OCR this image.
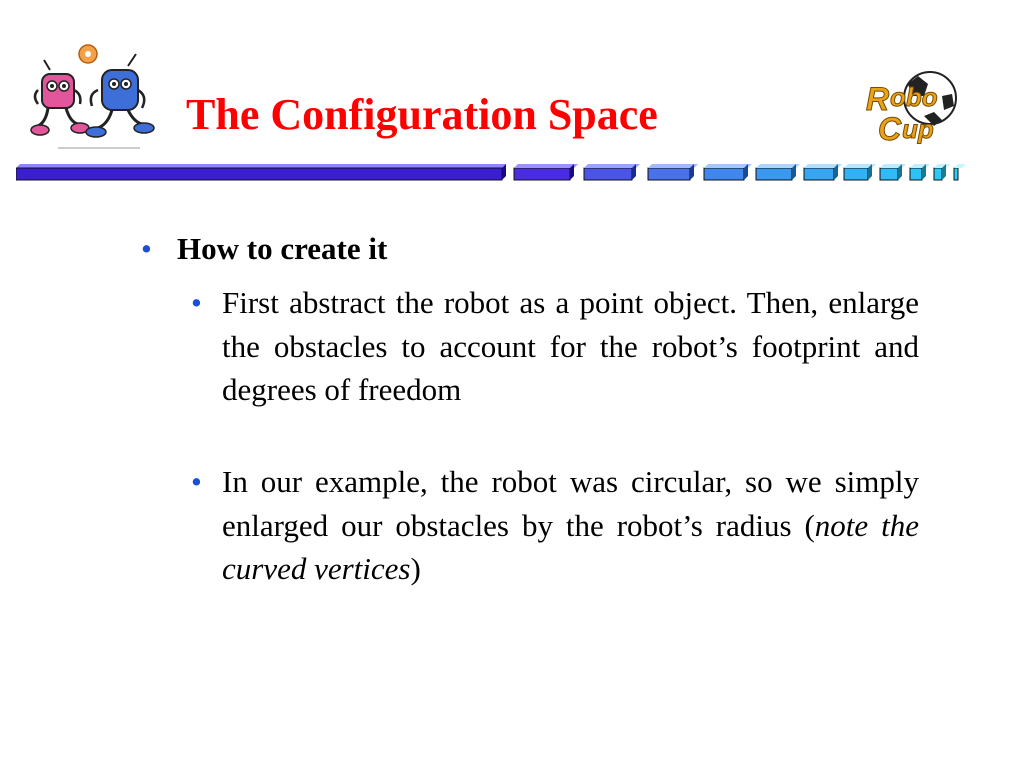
The Configuration Space	R obo
C up
• How to create it
• First abstract the robot as a point object. Then, enlarge the obstacles to account for the robot’s footprint and degrees of freedom
• In our example, the robot was circular, so we simply enlarged our obstacles by the robot’s radius (note the curved vertices)
